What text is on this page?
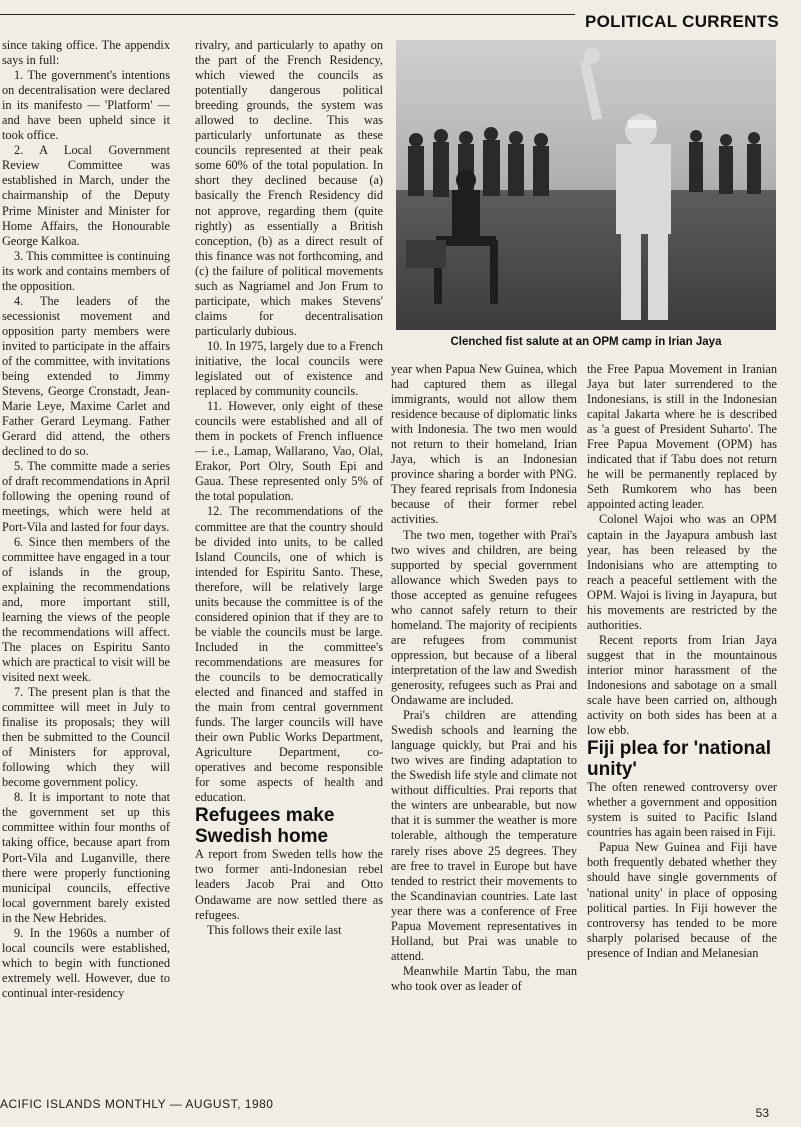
POLITICAL CURRENTS

since taking office. The appendix says in full:

1. The government's intentions on decentralisation were declared in its manifesto — 'Platform' — and have been upheld since it took office.

2. A Local Government Review Committee was established in March, under the chairmanship of the Deputy Prime Minister and Minister for Home Affairs, the Honourable George Kalkoa.

3. This committee is continuing its work and contains members of the opposition.

4. The leaders of the secessionist movement and opposition party members were invited to participate in the affairs of the committee, with invitations being extended to Jimmy Stevens, George Cronstadt, Jean-Marie Leye, Maxime Carlet and Father Gerard Leymang. Father Gerard did attend, the others declined to do so.

5. The committe made a series of draft recommendations in April following the opening round of meetings, which were held at Port-Vila and lasted for four days.

6. Since then members of the committee have engaged in a tour of islands in the group, explaining the recommendations and, more important still, learning the views of the people the recommendations will affect. The places on Espiritu Santo which are practical to visit will be visited next week.

7. The present plan is that the committee will meet in July to finalise its proposals; they will then be submitted to the Council of Ministers for approval, following which they will become government policy.

8. It is important to note that the government set up this committee within four months of taking office, because apart from Port-Vila and Luganville, there there were properly functioning municipal councils, effective local government barely existed in the New Hebrides.

9. In the 1960s a number of local councils were established, which to begin with functioned extremely well. However, due to continual inter-residency

rivalry, and particularly to apathy on the part of the French Residency, which viewed the councils as potentially dangerous political breeding grounds, the system was allowed to decline. This was particularly unfortunate as these councils represented at their peak some 60% of the total population. In short they declined because (a) basically the French Residency did not approve, regarding them (quite rightly) as essentially a British conception, (b) as a direct result of this finance was not forthcoming, and (c) the failure of political movements such as Nagriamel and Jon Frum to participate, which makes Stevens' claims for decentralisation particularly dubious.

10. In 1975, largely due to a French initiative, the local councils were legislated out of existence and replaced by community councils.

11. However, only eight of these councils were established and all of them in pockets of French influence — i.e., Lamap, Wallarano, Vao, Olal, Erakor, Port Olry, South Epi and Gaua. These represented only 5% of the total population.

12. The recommendations of the committee are that the country should be divided into units, to be called Island Councils, one of which is intended for Espiritu Santo. These, therefore, will be relatively large units because the committee is of the considered opinion that if they are to be viable the councils must be large. Included in the committee's recommendations are measures for the councils to be democratically elected and financed and staffed in the main from central government funds. The larger councils will have their own Public Works Department, Agriculture Department, co-operatives and become responsible for some aspects of health and education.

Refugees make Swedish home

A report from Sweden tells how the two former anti-Indonesian rebel leaders Jacob Prai and Otto Ondawame are now settled there as refugees.

This follows their exile last

Clenched fist salute at an OPM camp in Irian Jaya

year when Papua New Guinea, which had captured them as illegal immigrants, would not allow them residence because of diplomatic links with Indonesia. The two men would not return to their homeland, Irian Jaya, which is an Indonesian province sharing a border with PNG. They feared reprisals from Indonesia because of their former rebel activities.

The two men, together with Prai's two wives and children, are being supported by special government allowance which Sweden pays to those accepted as genuine refugees who cannot safely return to their homeland. The majority of recipients are refugees from communist oppression, but because of a liberal interpretation of the law and Swedish generosity, refugees such as Prai and Ondawame are included.

Prai's children are attending Swedish schools and learning the language quickly, but Prai and his two wives are finding adaptation to the Swedish life style and climate not without difficulties. Prai reports that the winters are unbearable, but now that it is summer the weather is more tolerable, although the temperature rarely rises above 25 degrees. They are free to travel in Europe but have tended to restrict their movements to the Scandinavian countries. Late last year there was a conference of Free Papua Movement representatives in Holland, but Prai was unable to attend.

Meanwhile Martin Tabu, the man who took over as leader of

the Free Papua Movement in Iranian Jaya but later surrendered to the Indonesians, is still in the Indonesian capital Jakarta where he is described as 'a guest of President Suharto'. The Free Papua Movement (OPM) has indicated that if Tabu does not return he will be permanently replaced by Seth Rumkorem who has been appointed acting leader.

Colonel Wajoi who was an OPM captain in the Jayapura ambush last year, has been released by the Indonisians who are attempting to reach a peaceful settlement with the OPM. Wajoi is living in Jayapura, but his movements are restricted by the authorities.

Recent reports from Irian Jaya suggest that in the mountainous interior minor harassment of the Indonesions and sabotage on a small scale have been carried on, although activity on both sides has been at a low ebb.

Fiji plea for 'national unity'

The often renewed controversy over whether a government and opposition system is suited to Pacific Island countries has again been raised in Fiji.

Papua New Guinea and Fiji have both frequently debated whether they should have single governments of 'national unity' in place of opposing political parties. In Fiji however the controversy has tended to be more sharply polarised because of the presence of Indian and Melanesian

ACIFIC ISLANDS MONTHLY — AUGUST, 1980
53
